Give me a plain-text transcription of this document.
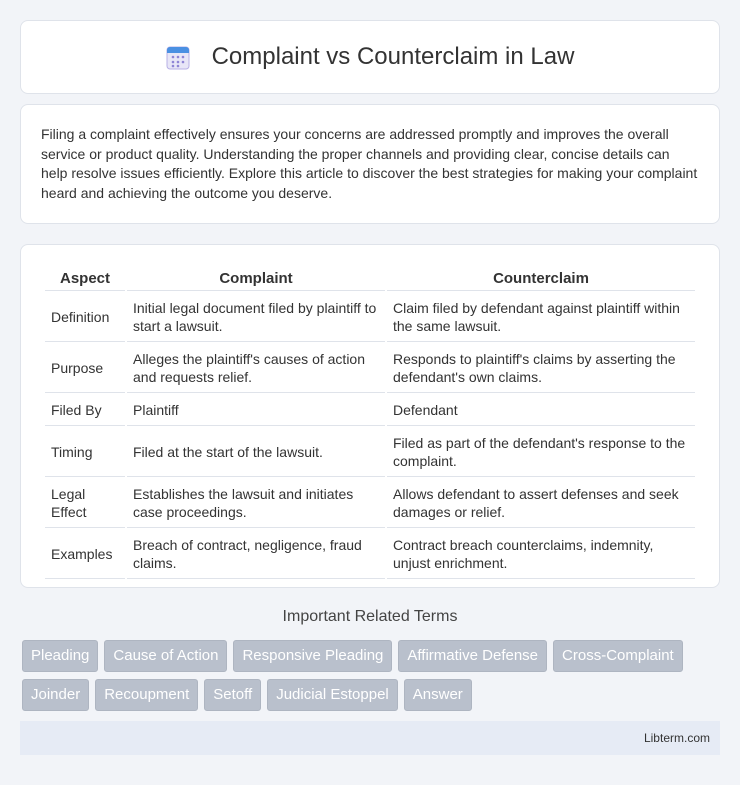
Complaint vs Counterclaim in Law

Filing a complaint effectively ensures your concerns are addressed promptly and improves the overall service or product quality. Understanding the proper channels and providing clear, concise details can help resolve issues efficiently. Explore this article to discover the best strategies for making your complaint heard and achieving the outcome you deserve.

Aspect	Complaint	Counterclaim
Definition	Initial legal document filed by plaintiff to start a lawsuit.	Claim filed by defendant against plaintiff within the same lawsuit.
Purpose	Alleges the plaintiff's causes of action and requests relief.	Responds to plaintiff's claims by asserting the defendant's own claims.
Filed By	Plaintiff	Defendant
Timing	Filed at the start of the lawsuit.	Filed as part of the defendant's response to the complaint.
Legal Effect	Establishes the lawsuit and initiates case proceedings.	Allows defendant to assert defenses and seek damages or relief.
Examples	Breach of contract, negligence, fraud claims.	Contract breach counterclaims, indemnity, unjust enrichment.
Important Related Terms
Pleading	Cause of Action	Responsive Pleading	Affirmative Defense	Cross-Complaint
Joinder	Recoupment	Setoff	Judicial Estoppel	Answer
Libterm.com
